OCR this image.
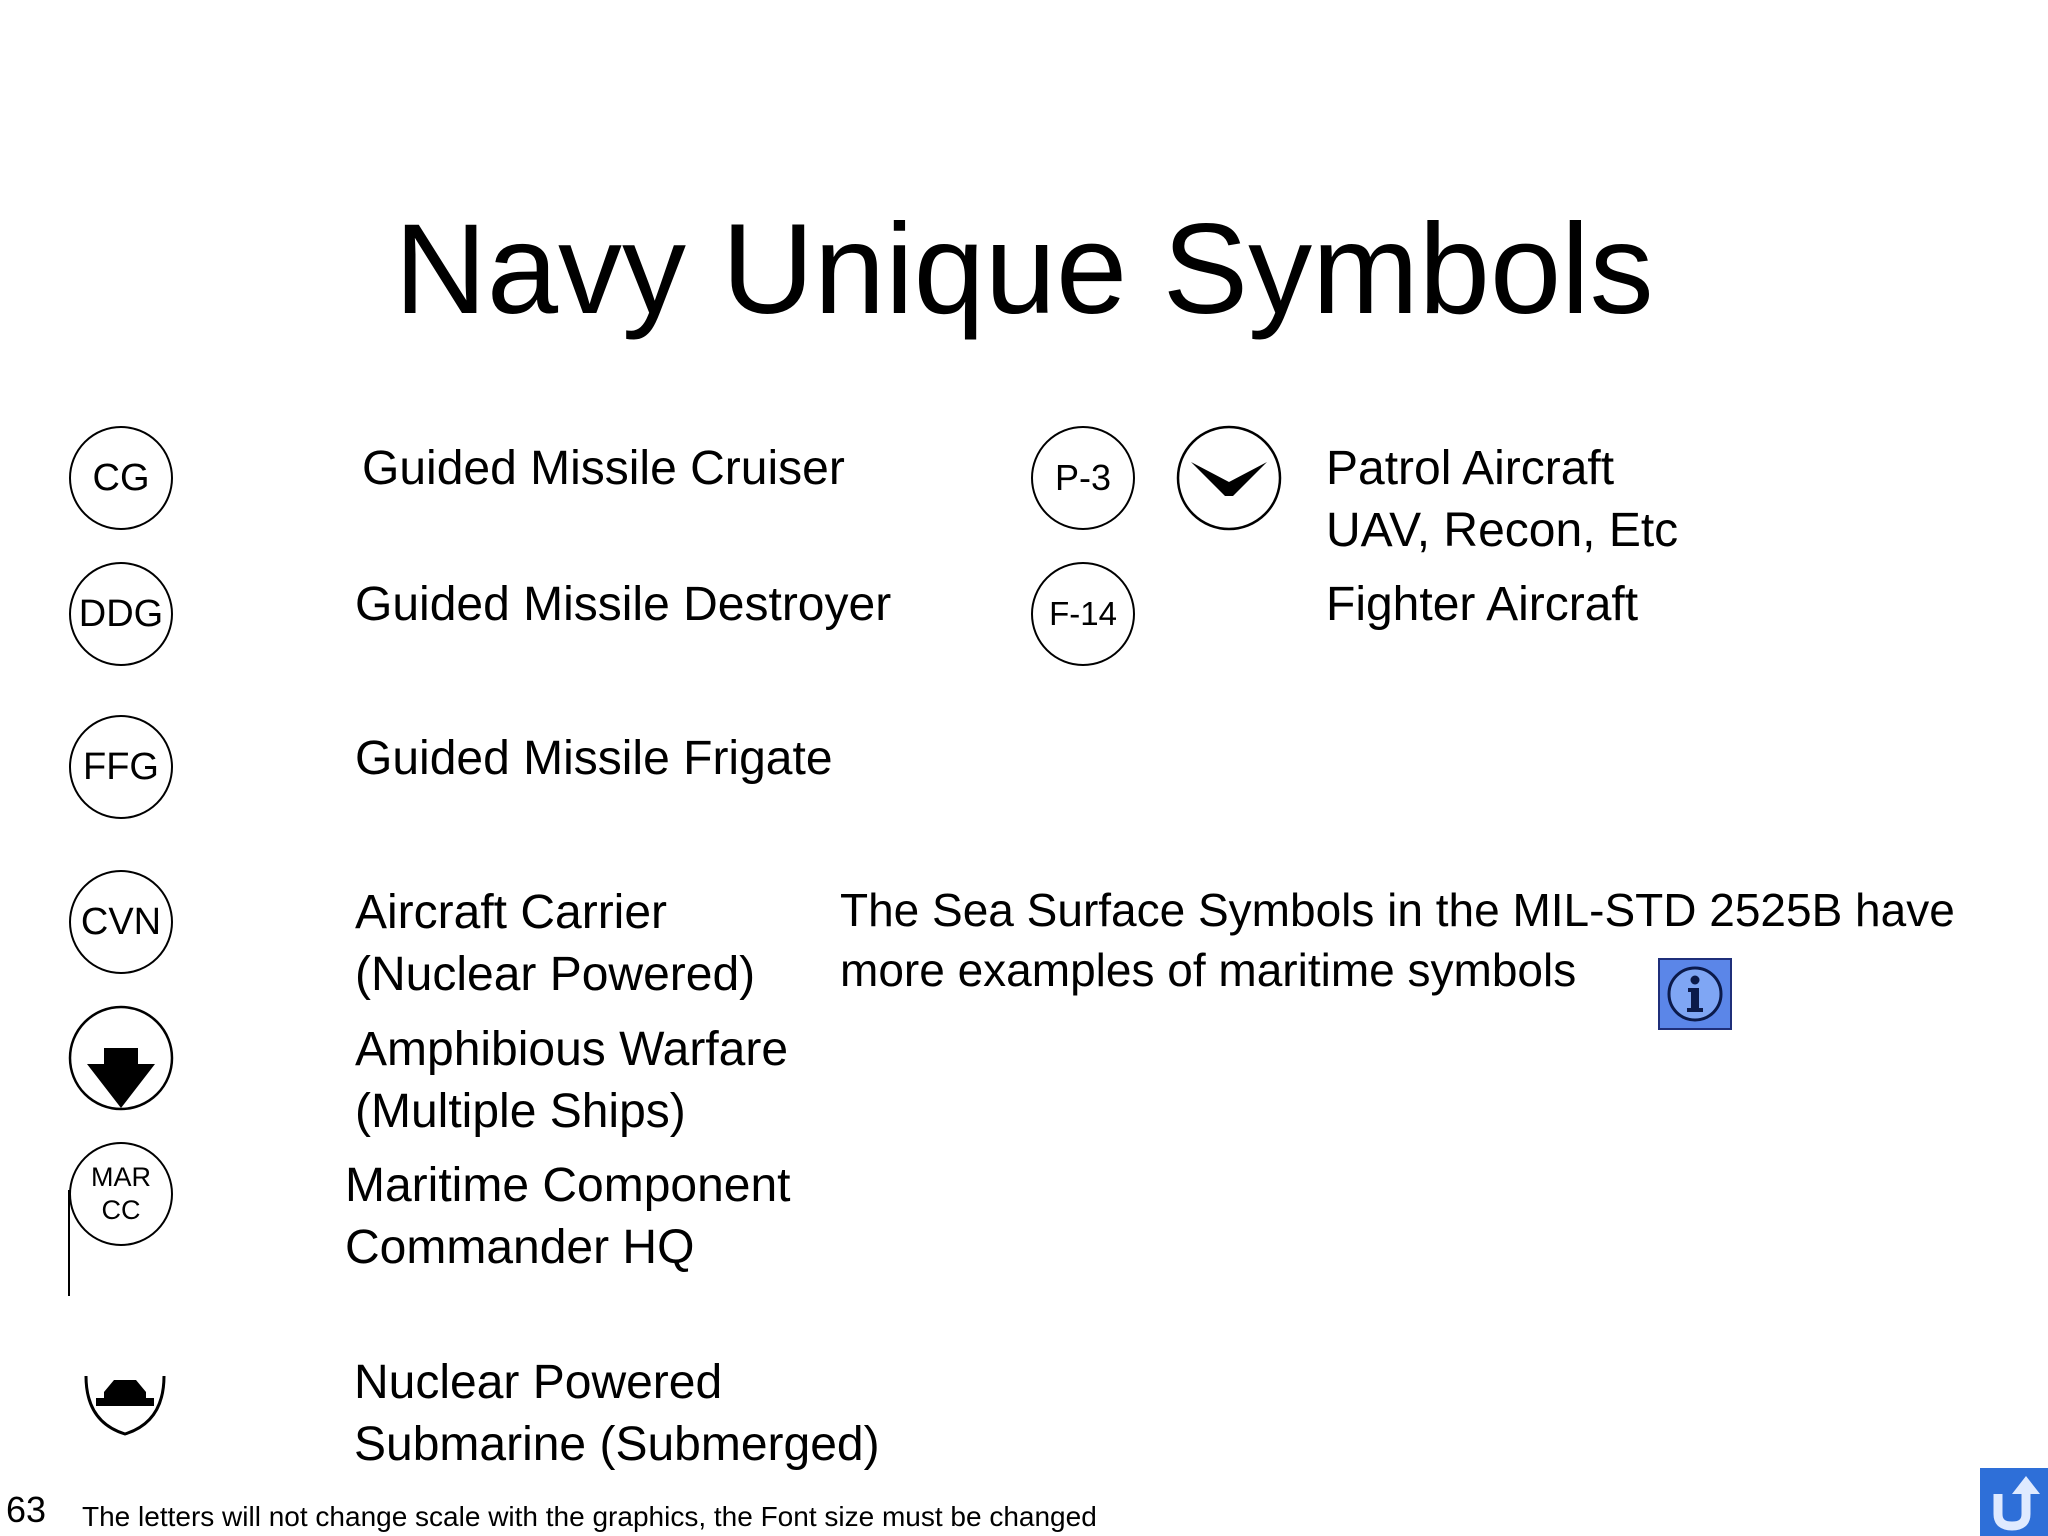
Navy Unique Symbols
CG	Guided Missile Cruiser
DDG	Guided Missile Destroyer
FFG	Guided Missile Frigate
CVN	Aircraft Carrier
(Nuclear Powered)
Amphibious Warfare
(Multiple Ships)
MAR
CC	Maritime Component
Commander HQ
Nuclear Powered
Submarine (Submerged)
P-3	Patrol Aircraft
UAV, Recon, Etc
F-14	Fighter Aircraft
The Sea Surface Symbols in the MIL-STD 2525B have
more examples of maritime symbols
63 The letters will not change scale with the graphics, the Font size must be changed
